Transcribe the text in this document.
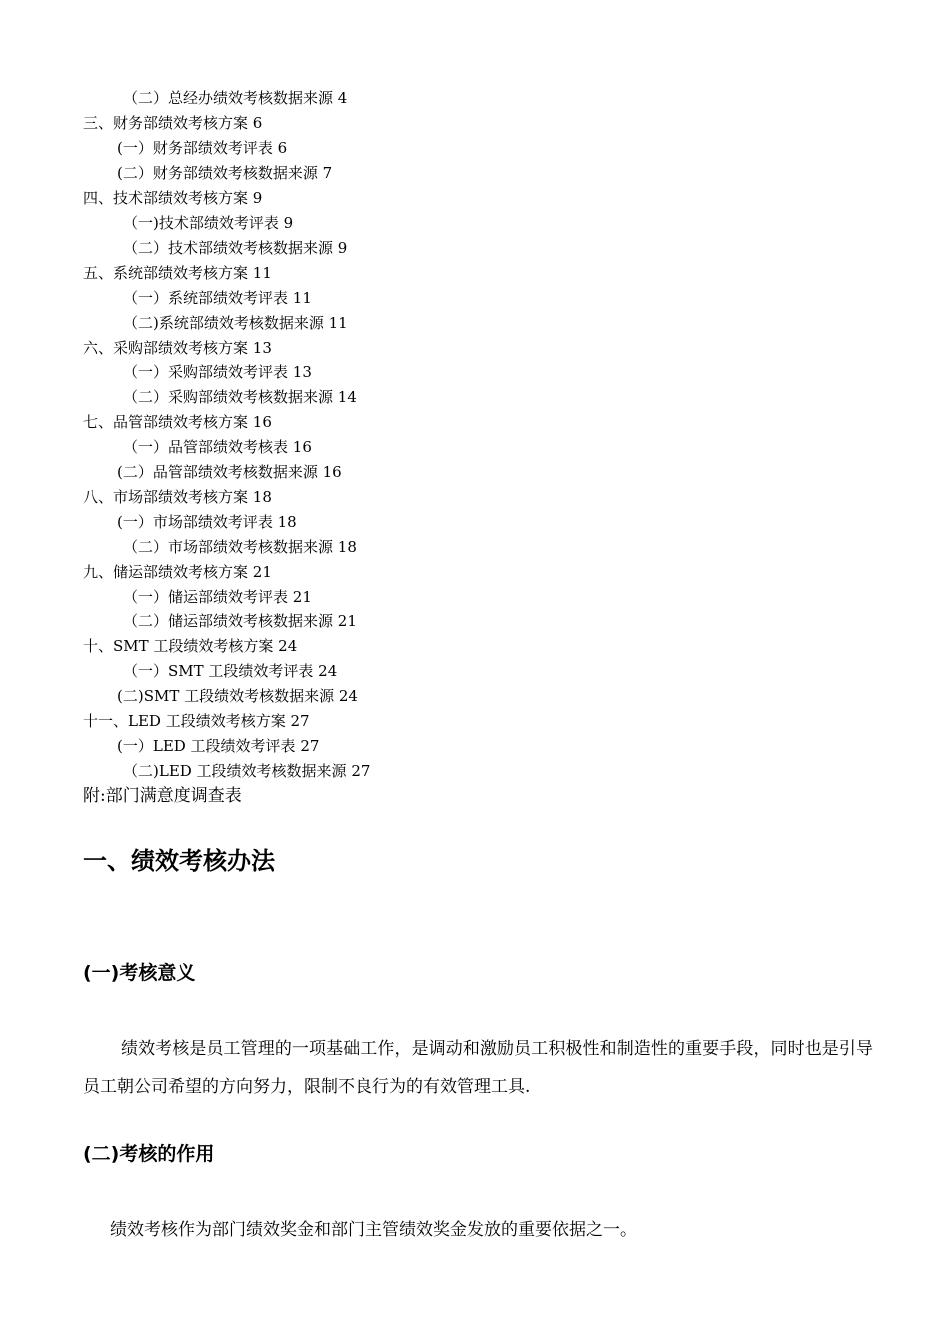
（二）总经办绩效考核数据来源 4
三、财务部绩效考核方案 6
(一）财务部绩效考评表 6
(二）财务部绩效考核数据来源 7
四、技术部绩效考核方案 9
（一)技术部绩效考评表 9
（二）技术部绩效考核数据来源 9
五、系统部绩效考核方案 11
（一）系统部绩效考评表 11
（二)系统部绩效考核数据来源 11
六、采购部绩效考核方案 13
（一）采购部绩效考评表 13
（二）采购部绩效考核数据来源 14
七、品管部绩效考核方案 16
（一）品管部绩效考核表 16
(二）品管部绩效考核数据来源 16
八、市场部绩效考核方案 18
(一）市场部绩效考评表 18
（二）市场部绩效考核数据来源 18
九、储运部绩效考核方案 21
（一）储运部绩效考评表 21
（二）储运部绩效考核数据来源 21
十、SMT 工段绩效考核方案 24
（一）SMT 工段绩效考评表 24
(二)SMT 工段绩效考核数据来源 24
十一、LED 工段绩效考核方案 27
(一）LED 工段绩效考评表 27
（二)LED 工段绩效考核数据来源 27
附:部门满意度调查表
一、绩效考核办法
(一)考核意义
绩效考核是员工管理的一项基础工作，是调动和激励员工积极性和制造性的重要手段，同时也是引导员工朝公司希望的方向努力，限制不良行为的有效管理工具.
(二)考核的作用
绩效考核作为部门绩效奖金和部门主管绩效奖金发放的重要依据之一。
